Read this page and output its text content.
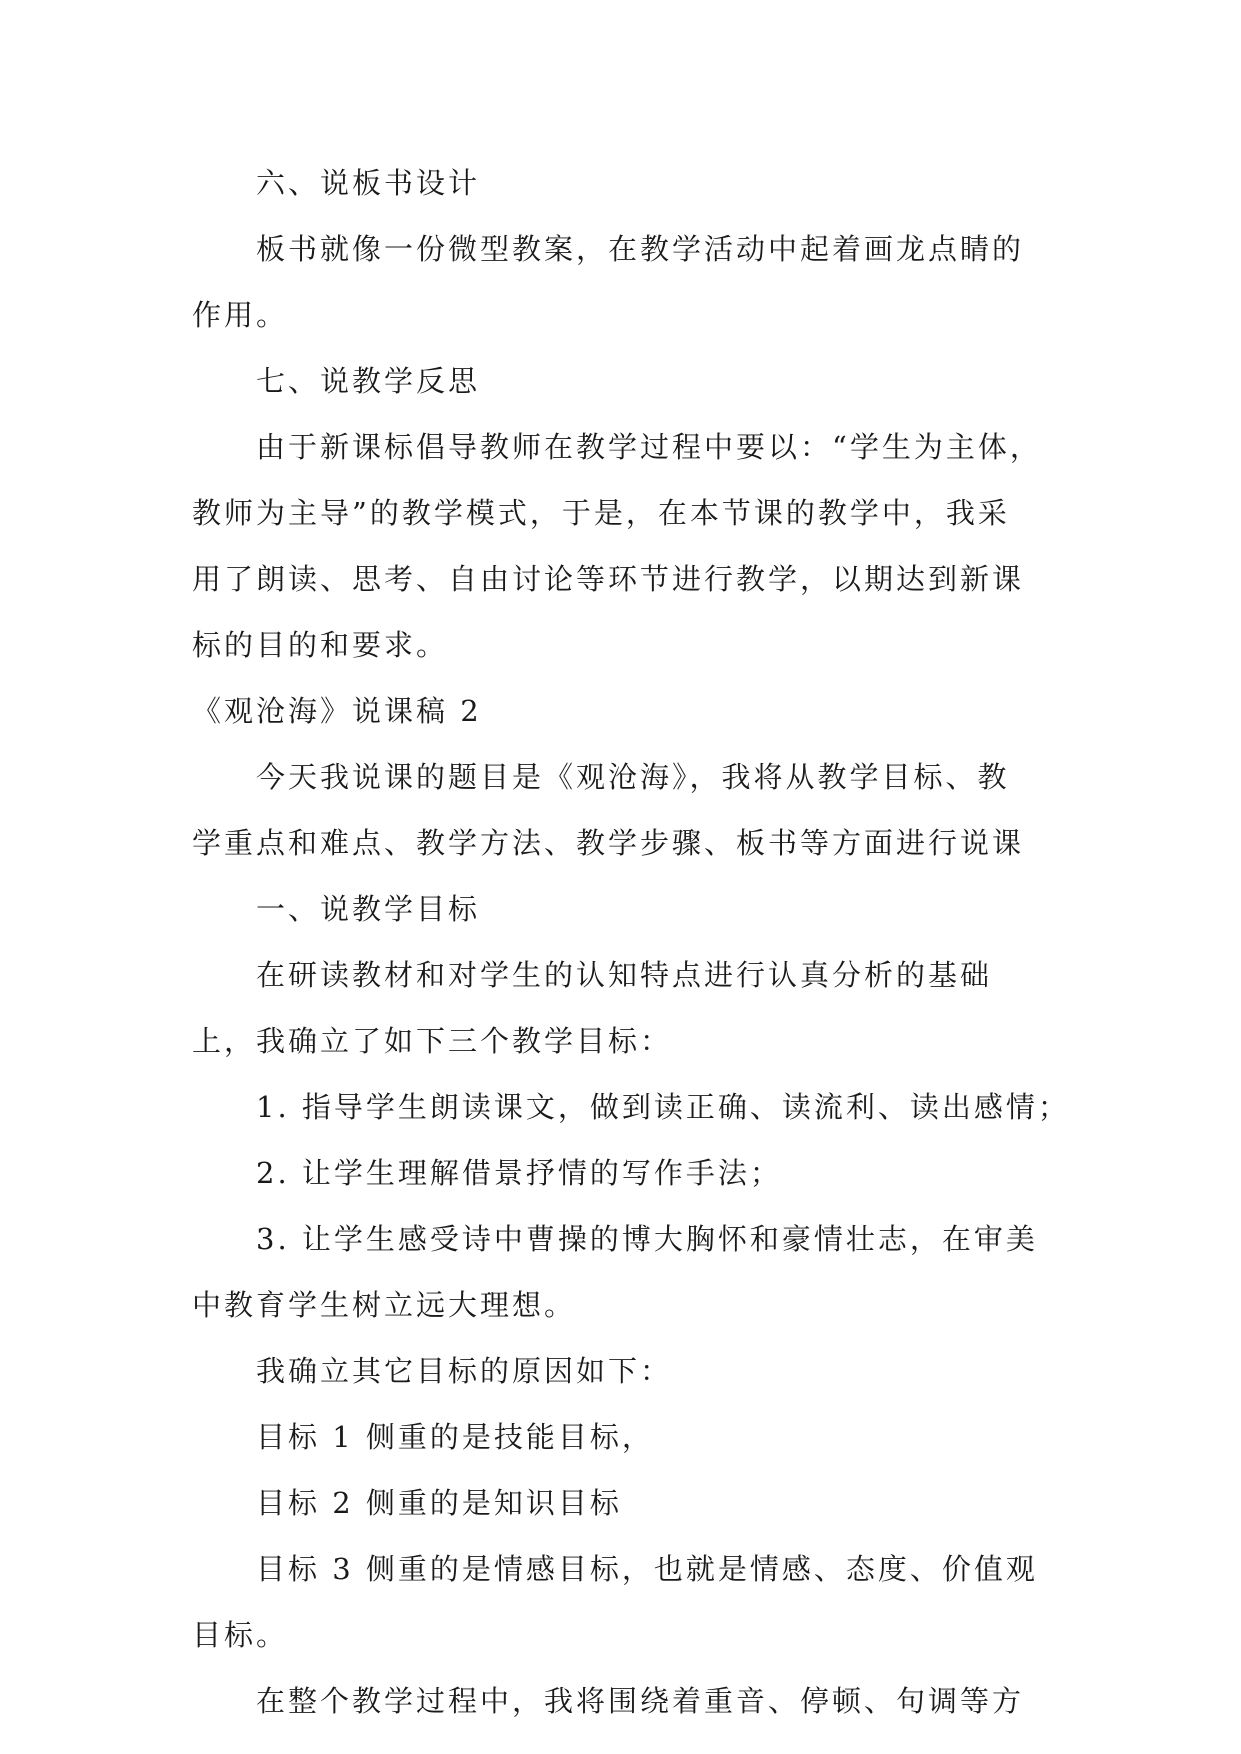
六、说板书设计
板书就像一份微型教案，在教学活动中起着画龙点睛的
作用。
七、说教学反思
由于新课标倡导教师在教学过程中要以：“学生为主体，
教师为主导”的教学模式，于是，在本节课的教学中，我采
用了朗读、思考、自由讨论等环节进行教学，以期达到新课
标的目的和要求。
《观沧海》说课稿 2
今天我说课的题目是《观沧海》，我将从教学目标、教
学重点和难点、教学方法、教学步骤、板书等方面进行说课
一、说教学目标
在研读教材和对学生的认知特点进行认真分析的基础
上，我确立了如下三个教学目标：
1. 指导学生朗读课文，做到读正确、读流利、读出感情；
2. 让学生理解借景抒情的写作手法；
3. 让学生感受诗中曹操的博大胸怀和豪情壮志，在审美
中教育学生树立远大理想。
我确立其它目标的原因如下：
目标 1 侧重的是技能目标，
目标 2 侧重的是知识目标
目标 3 侧重的是情感目标，也就是情感、态度、价值观
目标。
在整个教学过程中，我将围绕着重音、停顿、句调等方
